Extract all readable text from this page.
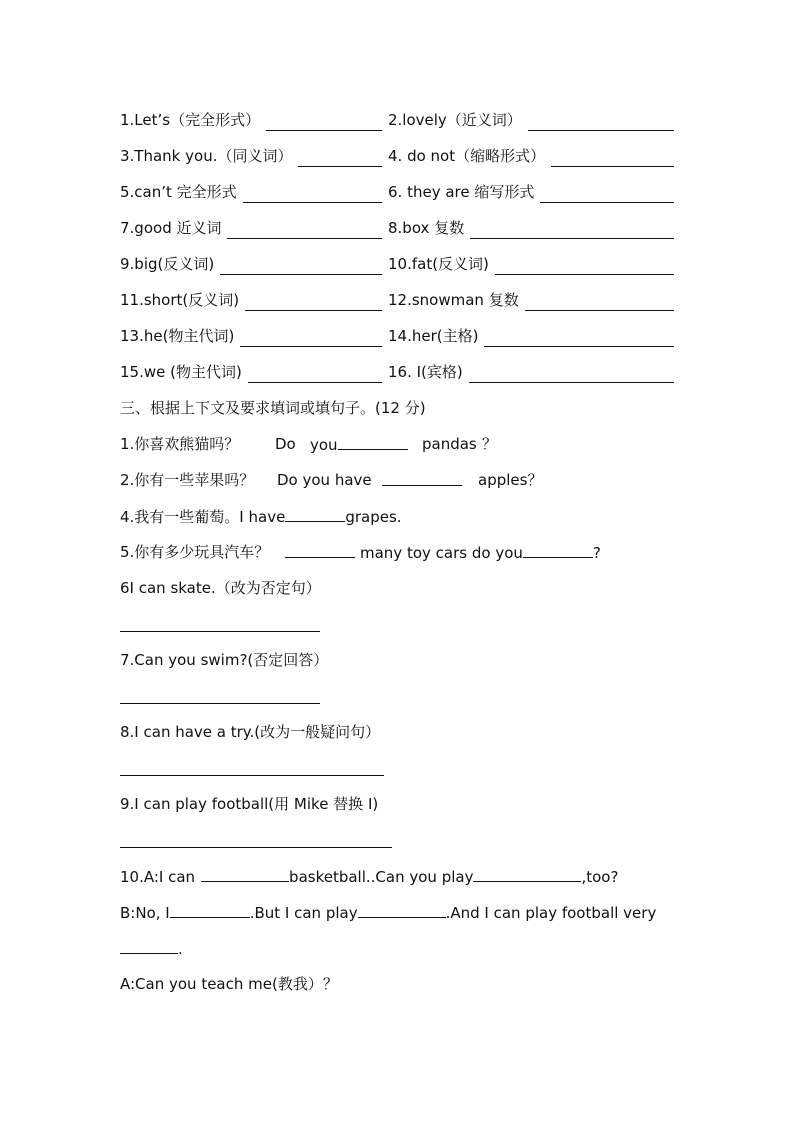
1.Let’s（完全形式）	2.lovely（近义词）
3.Thank you.（同义词）	4. do not（缩略形式）
5.can’t 完全形式	6. they are 缩写形式
7.good 近义词	8.box 复数
9.big(反义词)	10.fat(反义词)
11.short(反义词)	12.snowman 复数
13.he(物主代词)	14.her(主格)
15.we (物主代词)	16. I(宾格)
三、根据上下文及要求填词或填句子。(12 分)
1.你喜欢熊猫吗？ Do you	pandas ？
2.你有一些苹果吗？ Do you have	apples？
4.我有一些葡萄。I have	grapes.
5.你有多少玩具汽车？	many toy cars do you	?
6I can skate.（改为否定句）
7.Can you swim?(否定回答）
8.I can have a try.(改为一般疑问句）
9.I can play football(用 Mike 替换 I)
10.A:I can	basketball..Can you play	,too?
B:No, I	.But I can play	.And I can play football very
.
A:Can you teach me(教我）？
